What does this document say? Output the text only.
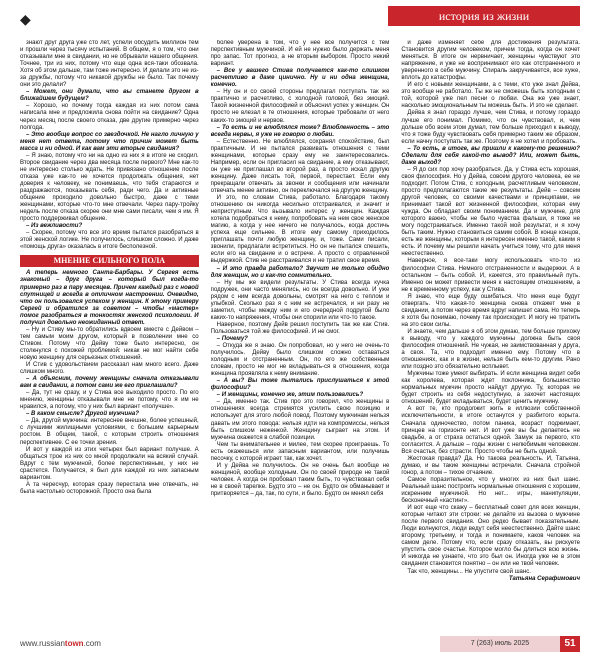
◆	история из жизни

знают друг друга уже сто лет, успели обсудить миллион тем и прошли через тысячу испытаний. В общем, я о том, что они отказывали мне в свидании, но не обрывали нашего общения. Точнее, три из них, потому что еще одна вся-таки обозвала. Хотя об этом дальше, там тоже интересно. И делали это не из-за дружбы, потому что никакой дружбы не было. Так почему они это делали?

– Может, они думали, что вы станете другом в ближайшем будущем?

– Хорошо, но почему тогда каждая из них потом сама написала мне и предложила снова пойти на свидание? Одна через месяц после своего отказа, две другие примерно через полгода.

– Это вообще вопрос со звездочкой. Не нагло личную у меня нет ответа, потому что причин может быть масса и ни одной. И как вам эти вторые свидания?

– Я знаю, потому что ни на одно из них я в итоге не сходил. Второе свидание через два месяца после первого? Мне как-то не интересно столько ждать. Не привязано отношение после отказа уже как-то не хочется продолжать общения, нет доверия к человеку, не понимаешь, что тебя стараются и раздражаются, показывать себя, ради чего. Да и активные общение проходило довольно быстро, даже с теми женщинами, которые что-то мне отвечали. Через пару-тройку недель после отказа скорее они мне сами писали, чем я им. Я просто поддерживал общение.

– Из вежливости?

– Скорее, потому что все это время пытался разобраться в этой женской логике. Не получилось, слишком сложно. И даже «помощь друга» оказалась в итоге бесполезной.

МНЕНИЕ СИЛЬНОГО ПОЛА

А теперь немного Санта-Барбары. У Сергея есть знакомый – друг друга – который был когда-то примерно раз в пару месяцев. Причем каждый раз с новой спутницей и всегда в отличном настроении. Очевидно, что он пользовался успехом у женщин. К этому примеру Сергей и обратился за советом – чтобы «мастер» помог разобраться в тонкостях женской психологии. И получил довольно неожиданный ответ.

– Ну и Стиву мы-то обратились вдвоем вместе с Дейвом – тем самым моим другом, который в позволении мне со Стивом. Потому что Дейву тоже было интересно, он столкнулся с похожей проблемой: никак не мог найти себе новую женщину для серьезных отношений.

И Стив с удовольствием рассказал нам много всего. Даже слишком много.

– А объясним, почему женщины сначала отказывали вам в свидании, а потом сами же его приглашали?

– Да, тут не сразу, и у Стива все выходило просто. По его мнению, женщины отказывали мне не потому, что я им не нравился, а потому, что у них был вариант «получше».

– В каком смысле? Другой мужчина?

– Да, другой мужчина: интереснее внешне, более успешный, с лучшими жилищными условиями, с большим карьерным ростом. В общем, такой, с которым строить отношения перспективнее. С ее точки зрения.

И вот у каждой из этих четырех был вариант получше. А общаться трое из них со мной продолжали на всякий случай. Вдруг с тем мужчиной, более перспективным, у них не срастется. Получается, я был для каждой из них запасным вариантом.

А та чересчур, которая сразу перестала мне отвечать, не была настолько осторожной. Просто она была

более уверена в том, что у нее все получится с тем перспективным мужчиной. И ей не нужно было держать меня про запас. Тот прогноз, а не вторым выбором. Просто некий вариант.

– Все у вашего Стива получается как-то слишком расчетливо в даже цинично. Ну и ни одна женщина, конечно.

– Ну он и со своей стороны предлагал поступать так же практично и расчетливо, с холодной головой, без эмоций. Такой жизненной философией и объяснил успех у женщин. Он просто не влезал в те отношения, которые требовали от него каких-то эмоций и нервов.

– То есть и не влюблялся тоже? Влюбленность – это всегда нервы, я уже не говорю о любви.

– Естественно. Не влюблялся, сохранял спокойствие, был практичным. И не пытался развивать отношения с теми женщинами, которые сразу ему не заинтересовались. Например, если он пригласил на свидание, а ему отказывают, он уже не приглашал во второй раз, а просто искал другую женщину. Даже писать той, первой, перестает. Если ему прекращали отвечать за звонки и сообщения или начинали отвечать менее активно, он переключался на другую женщину.

И это, по словам Стива, работало. Благодаря такому отношению он никогда несильно отстраивался, и значит и неприступным. Что вызывало интерес у женщин. Каждая хотела подобраться к нему, попробовать на нем свое женское магию, а когда у нее ничего не получалось, когда достичь успеха еще сильнее. В итоге ему самому приходилось приглашать почти любую женщину, и, тоже. Сами писали, звонили, предлагали встретиться. Но он не пытался спешить, если его на свидание и о встрече. А просто с отравленной выдержкой. Стив не расстраивался и не тратил свое время.

– И это правда работало? Звучит не только обидно для женщин, но и как-то сомнительно.

– Ну мы же видели результаты. У Стива всегда кучка подружек, они часто менялись, но он всегда довольно. И уже рядом с ним всегда довольны, смотрят на него с теплом и улыбкой. Сколько раз я с ним не встречался, и ни разу не заметил, чтобы между ним и его очередной подругой было каких-то напряжения, чтобы они спорили или что-то такое.

Наверное, поэтому Дейв решил поступить так же как Стив. Пользоваться той же философией. И не смог.

– Почему?

– Откуда же я знаю. Он попробовал, но у него не очень-то получилось. Дейву было слишком сложно оставаться холодным и отстраненным. Он, по его же собственным словам, просто не мог не вкладывать-ся в отношения, когда женщина проявляла к нему внимание.

– А вы? Вы тоже пытались прислушаться к этой философии?

– И женщины, конечно же, этим пользовались?

– Да, именно так. Стив про это говорил, что женщины в отношениях всегда стремятся усилить свою позицию и использует для этого любой повод. Поэтому мужчинам нельзя давать им этого повода: нельзя идти на компромиссы, нельзя быть слишком неженкой. Женщину сыграет на этом. И мужчина окажется в слабой позиции.

Чем ты внимательнее и милее, тем скорее проиграешь. То есть окажешься или запасным вариантом, или получишь песочку, с которой играет так, как хочет.

И у Дейва не получилось. Он не очень был вообще не женщиной, вообще холодным. Он по своей природе не такой человек. А когда он пробовал таким быть, то чувствовал себя не в своей тарелке. Будто это – не он. Будто он обманывает и притворяется – да, так, по сути, и было. Будто он менял себя

и даже изменяет себе для достижения результата. Становится другим человеком, причем тогда, когда он хочет меняться. В итоге он нервничает, женщины чувствуют это напряжение, и уже не воспринимают его как отстраненного и уверенного в себе мужчину. Спираль закручивается, все хуже, вплоть до катастрофы.

И его с новыми женщинами, а с теми, кто уже знал Дейва, это вообще не работало. Ты же не сможешь быть холодным с той, которой уже пел песни о любви. Она же уже знает, насколько эмоциональным ты можешь быть. И это не сделает.

Дейва я знал гораздо лучше, чем Стива, и потому гораздо лучше его понимал. Помимо, что он чувствовал, и, чем дольше обо всем этом думал, тем больше приходил к выводу, что я тоже буду чувствовать себя примерно таким же образом, если начну поступать так же. Поэтому я не хотел и пробовать.

– То есть, в итоге, вы пришли к какому-то решению? Сделали для себя какой-то вывод? Или, может быть, даже выход?

– Я до сих пор хочу разобраться. Да, у Стива есть хорошая, своя философия. Но у Дейва, совсем другого человека, ее не подходит. Потом Стив, с холодным, расчетливым человеком, просто предполагаются такие же результаты. Дейв – совсем другой человек, со своими качествами и принципами, не принимает такой вот жизненной философии, которая ему чужда. Он обладает своим пониманием. Да и мужчине, для которого важно, чтобы не было чувства фальши, я тоже не могу подстраиваться. Именно такой мой результат, и я хочу быть таким. Нужно становиться самим собой. В конце концов, есть же женщины, которым я интересен именно такой, каким я есть. И почему мы решили начать учиться тому, что для меня неестественно.

Наверное, я все-таки могу использовать что-то из философии Стива. Немного отстраненности и выдержки. А в остальном – быть собой. И, кажется, это правильный путь. Именно он может привести меня к настоящим отношениям, а не к временному успеху, как у Стива.

Я знаю, что еще буду ошибаться. Что меня еще будут отвергать. Что какая-то женщина снова откажет мне в свидании, а потом через время вдруг напишет сама. Но теперь я хотя бы понимаю, почему так происходит. И могу не тратить на это свои силы.

И знаете, чем дальше я об этом думаю, тем больше прихожу к выводу, что у каждого мужчины должна быть своя философия отношений. Не чужая, не заимствованная у друга, а своя. Та, что подходит именно ему. Потому что в отношениях, как и в жизни, нельзя быть кем-то другим. Рано или поздно это обязательно всплывет.

Мужчины тоже умеют выбирать. И если женщина видит себя как королева, которая ждет поклонника, большинство нормальных мужчин просто найдут другую. Ту, которая не будет строить из себя недоступную, а захочет настоящих отношений, будет вкладываться, будет ценить мужчину.

А вот те, кто продолжит жить в иллюзии собственной исключительности, в итоге останутся у разбитого корыта. Сначала одиночество, потом паника, возраст поджимает, принцев на горизонте нет. И вот уже вы бы делаетесь не свадьбе, а от страха остаться одной. Замуж за первого, кто согласится. А дальше – годы жизни с нелюбимым человеком. Вся счастья, без страсти. Просто чтобы не быть одной.

Жестокая правда? Да. Но такова реальность. И, Татьяна, думаю, и вы такие женщины встречали. Сначала стройной гонор, а потом – тихое отчаяние.

Самое поразительное, что у многих из них был шанс. Реальный шанс построить нормальные отношения с хорошим, искренним мужчиной. Но нет... игры, манипуляции, бесконечный «кастинг».

И вот еще что скажу – бесплатный совет для всех женщин, которые читают эти строки: не делайте из вызова о мужчине после первого свидания. Оно редко бывает показательным. Люди волнуются, люди ведут себя неестественно. Дайте шанс второму, третьему, и тогда и понимаете, каков человек на самом деле. Потому что, если сразу отказать, вы рискуете упустить свое счастье. Которое могло бы длиться всю жизнь. И никогда не узнаете, что это был он. Иногда уже не в этом свидании становится понятно – он или не твой человек.

Так что, женщины... Не упустите свой шанс.

Татьяна Серафимович

www.russiantown.com	7 (263) июль 2025	51
